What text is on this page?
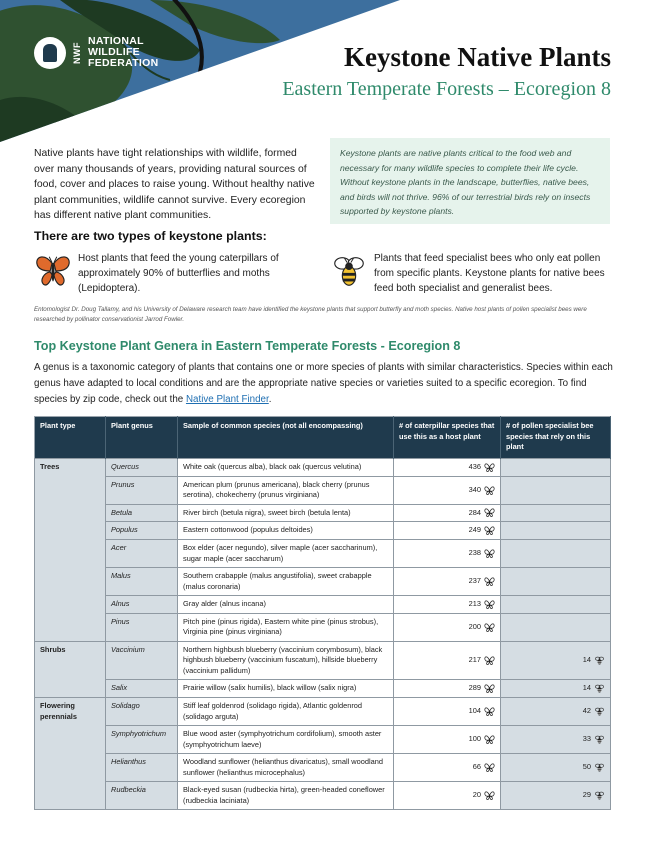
NWF
NATIONAL
WILDLIFE
FEDERATION	Keystone Native Plants
Eastern Temperate Forests – Ecoregion 8

Native plants have tight relationships with wildlife, formed over many thousands of years, providing natural sources of food, cover and places to raise young. Without healthy native plant communities, wildlife cannot survive. Every ecoregion has different native plant communities.

Keystone plants are native plants critical to the food web and necessary for many wildlife species to complete their life cycle. Without keystone plants in the landscape, butterflies, native bees, and birds will not thrive. 96% of our terrestrial birds rely on insects supported by keystone plants.
There are two types of keystone plants:

Host plants that feed the young caterpillars of approximately 90% of butterflies and moths (Lepidoptera).

Plants that feed specialist bees who only eat pollen from specific plants. Keystone plants for native bees feed both specialist and generalist bees.

Entomologist Dr. Doug Tallamy, and his University of Delaware research team have identified the keystone plants that support butterfly and moth species. Native host plants of pollen specialist bees were researched by pollinator conservationist Jarrod Fowler.

Top Keystone Plant Genera in Eastern Temperate Forests - Ecoregion 8

A genus is a taxonomic category of plants that contains one or more species of plants with similar characteristics. Species within each genus have adapted to local conditions and are the appropriate native species or varieties suited to a specific ecoregion. To find species by zip code, check out the Native Plant Finder.

Plant type	Plant genus	Sample of common species (not all encompassing)	# of caterpillar species that use this as a host plant	# of pollen specialist bee species that rely on this plant
Trees	Quercus	White oak (quercus alba), black oak (quercus velutina)	436	
	Prunus	American plum (prunus americana), black cherry (prunus serotina), chokecherry (prunus virginiana)	340	
	Betula	River birch (betula nigra), sweet birch (betula lenta)	284	
	Populus	Eastern cottonwood (populus deltoides)	249	
	Acer	Box elder (acer negundo), silver maple (acer saccharinum), sugar maple (acer saccharum)	238	
	Malus	Southern crabapple (malus angustifolia), sweet crabapple (malus coronaria)	237	
	Alnus	Gray alder (alnus incana)	213	
	Pinus	Pitch pine (pinus rigida), Eastern white pine (pinus strobus), Virginia pine (pinus virginiana)	200	
Shrubs	Vaccinium	Northern highbush blueberry (vaccinium corymbosum), black highbush blueberry (vaccinium fuscatum), hillside blueberry (vaccinium pallidum)	217	14
	Salix	Prairie willow (salix humilis), black willow (salix nigra)	289	14
Flowering perennials	Solidago	Stiff leaf goldenrod (solidago rigida), Atlantic goldenrod (solidago arguta)	104	42
	Symphyotrichum	Blue wood aster (symphyotrichum cordifolium), smooth aster (symphyotrichum laeve)	100	33
	Helianthus	Woodland sunflower (helianthus divaricatus), small woodland sunflower (helianthus microcephalus)	66	50
	Rudbeckia	Black-eyed susan (rudbeckia hirta), green-headed coneflower (rudbeckia laciniata)	20	29
